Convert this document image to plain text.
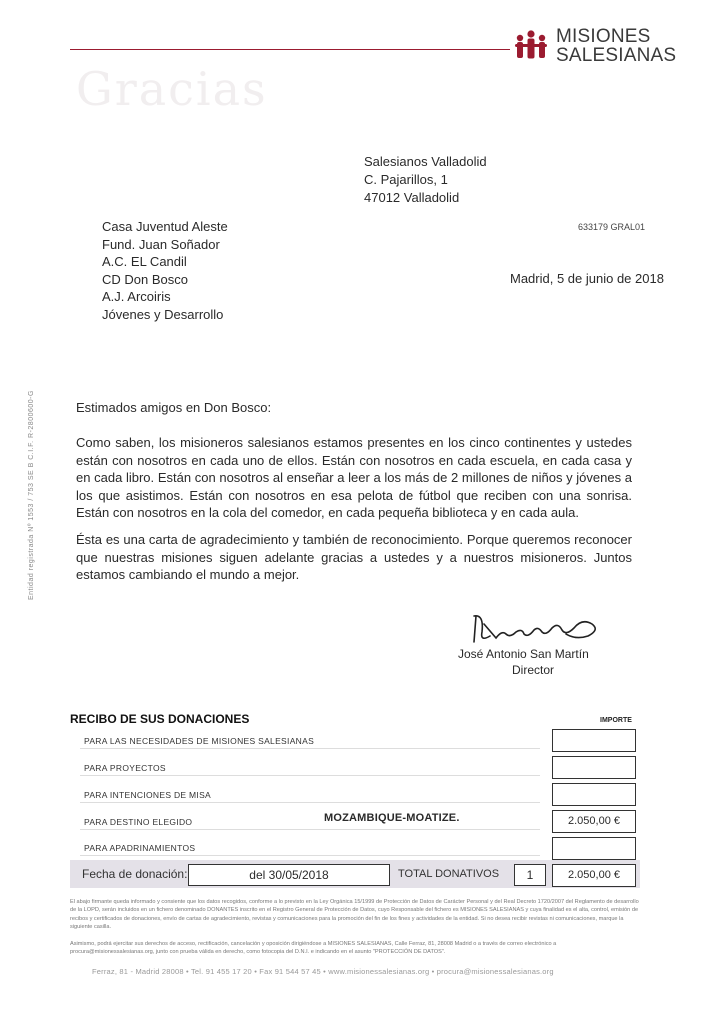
MISIONES
SALESIANAS
Gracias
Salesianos Valladolid
C. Pajarillos, 1
47012 Valladolid
Casa Juventud Aleste
Fund. Juan Soñador
A.C. EL Candil
CD Don Bosco
A.J. Arcoiris
Jóvenes y Desarrollo
633179 GRAL01
Madrid, 5 de junio de 2018
Entidad registrada Nº 1553 / 753 SE B C.I.F. R-2800600-G	Estimados amigos en Don Bosco:

Como saben, los misioneros salesianos estamos presentes en los cinco continentes y ustedes están con nosotros en cada uno de ellos. Están con nosotros en cada escuela, en cada casa y en cada libro. Están con nosotros al enseñar a leer a los más de 2 millones de niños y jóvenes a los que asistimos. Están con nosotros en esa pelota de fútbol que reciben con una sonrisa. Están con nosotros en la cola del comedor, en cada pequeña biblioteca y en cada aula.

Ésta es una carta de agradecimiento y también de reconocimiento. Porque queremos reconocer que nuestras misiones siguen adelante gracias a ustedes y a nuestros misioneros. Juntos estamos cambiando el mundo a mejor.

José Antonio San Martín
Director
RECIBO DE SUS DONACIONES	IMPORTE
PARA LAS NECESIDADES DE MISIONES SALESIANAS
PARA PROYECTOS
PARA INTENCIONES DE MISA
PARA DESTINO ELEGIDO	MOZAMBIQUE-MOATIZE.	2.050,00 €
PARA APADRINAMIENTOS
Fecha de donación:	del 30/05/2018	TOTAL DONATIVOS	1	2.050,00 €

El abajo firmante queda informado y consiente que los datos recogidos, conforme a lo previsto en la Ley Orgánica 15/1999 de Protección de Datos de Carácter Personal y del Real Decreto 1720/2007 del Reglamento de desarrollo de la LOPD, serán incluidos en un fichero denominado DONANTES inscrito en el Registro General de Protección de Datos, cuyo Responsable del fichero es MISIONES SALESIANAS y cuya finalidad es el alta, control, emisión de recibos y certificados de donaciones, envío de cartas de agradecimiento, revistas y comunicaciones para la promoción del fin de los fines y actividades de la entidad. Si no desea recibir revistas ni comunicaciones, marque la siguiente casilla.

Asimismo, podrá ejercitar sus derechos de acceso, rectificación, cancelación y oposición dirigiéndose a MISIONES SALESIANAS, Calle Ferraz, 81, 28008 Madrid o a través de correo electrónico a procura@misionessalesianas.org, junto con prueba válida en derecho, como fotocopia del D.N.I. e indicando en el asunto "PROTECCIÓN DE DATOS".

Ferraz, 81 - Madrid 28008 • Tel. 91 455 17 20 • Fax 91 544 57 45 • www.misionessalesianas.org • procura@misionessalesianas.org
